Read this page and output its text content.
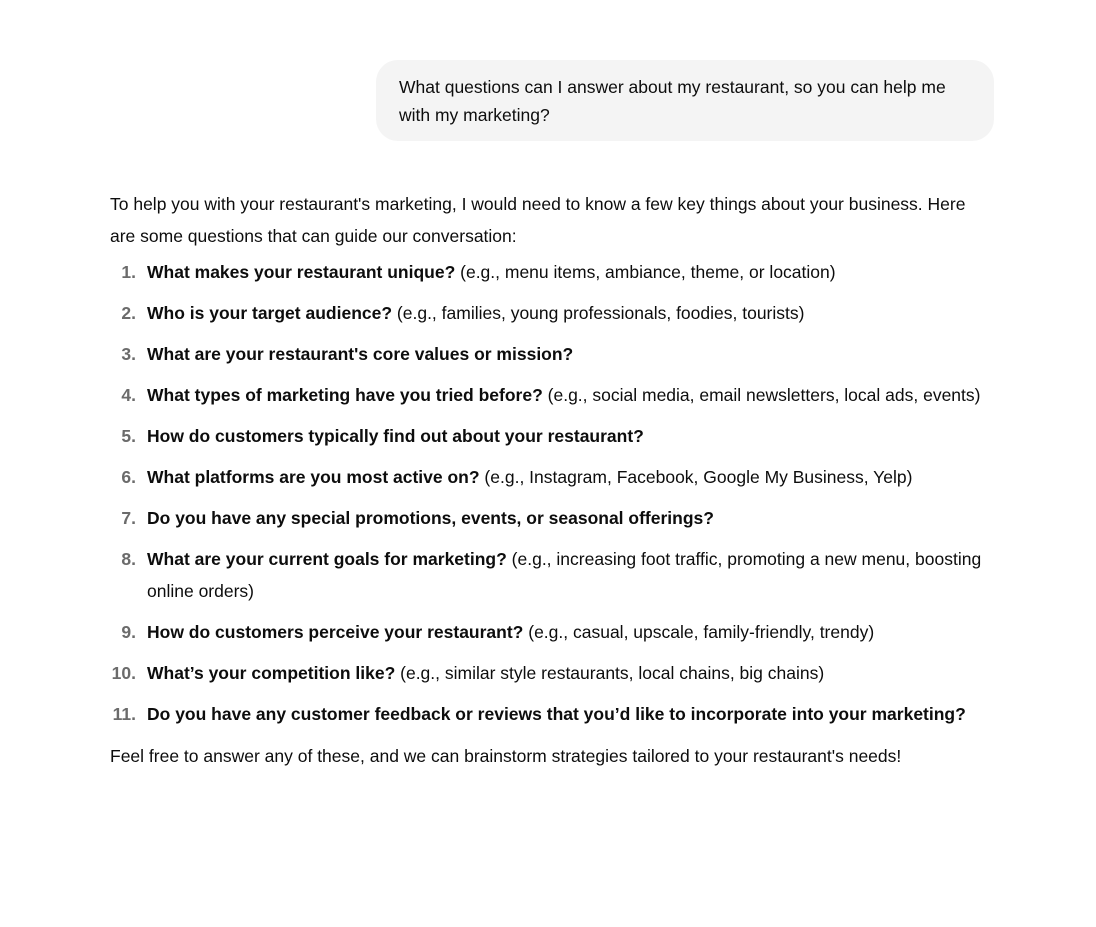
What questions can I answer about my restaurant, so you can help me with my marketing?

To help you with your restaurant's marketing, I would need to know a few key things about your business. Here are some questions that can guide our conversation:

1. What makes your restaurant unique? (e.g., menu items, ambiance, theme, or location)
2. Who is your target audience? (e.g., families, young professionals, foodies, tourists)
3. What are your restaurant's core values or mission?
4. What types of marketing have you tried before? (e.g., social media, email newsletters, local ads, events)
5. How do customers typically find out about your restaurant?
6. What platforms are you most active on? (e.g., Instagram, Facebook, Google My Business, Yelp)
7. Do you have any special promotions, events, or seasonal offerings?
8. What are your current goals for marketing? (e.g., increasing foot traffic, promoting a new menu, boosting online orders)
9. How do customers perceive your restaurant? (e.g., casual, upscale, family-friendly, trendy)
10. What’s your competition like? (e.g., similar style restaurants, local chains, big chains)
11. Do you have any customer feedback or reviews that you’d like to incorporate into your marketing?

Feel free to answer any of these, and we can brainstorm strategies tailored to your restaurant's needs!
